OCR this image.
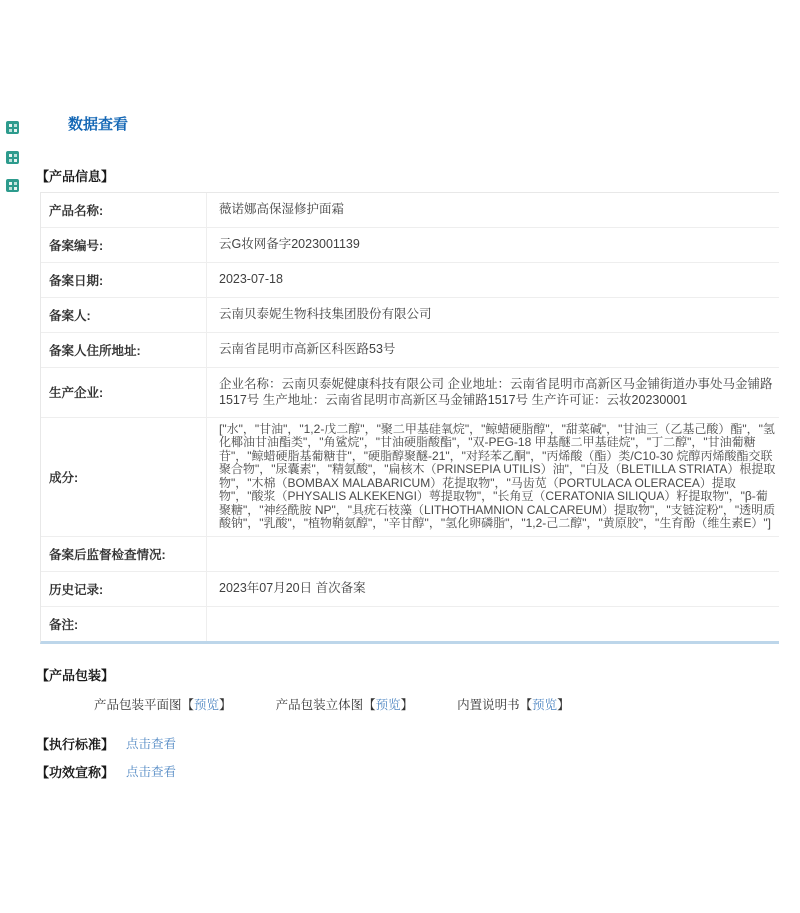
数据查看
【产品信息】
产品名称:	薇诺娜高保湿修护面霜
备案编号:	云G妆网备字2023001139
备案日期:	2023-07-18
备案人:	云南贝泰妮生物科技集团股份有限公司
备案人住所地址:	云南省昆明市高新区科医路53号
生产企业:
企业名称：云南贝泰妮健康科技有限公司 企业地址：云南省昆明市高新区马金铺街道办事处马金铺路1517号 生产地址：云南省昆明市高新区马金铺路1517号 生产许可证：云妆20230001
成分:
["水"，"甘油"，"1,2-戊二醇"，"聚二甲基硅氧烷"，"鲸蜡硬脂醇"，"甜菜碱"，"甘油三（乙基己酸）酯"，"氢化椰油甘油酯类"，"角鲨烷"，"甘油硬脂酸酯"，"双-PEG-18 甲基醚二甲基硅烷"，"丁二醇"，"甘油葡糖苷"，"鲸蜡硬脂基葡糖苷"，"硬脂醇聚醚-21"，"对羟苯乙酮"，"丙烯酸（酯）类/C10-30 烷醇丙烯酸酯交联聚合物"，"尿囊素"，"精氨酸"，"扁核木（PRINSEPIA UTILIS）油"，"白及（BLETILLA STRIATA）根提取物"，"木棉（BOMBAX MALABARICUM）花提取物"，"马齿苋（PORTULACA OLERACEA）提取物"，"酸浆（PHYSALIS ALKEKENGI）萼提取物"，"长角豆（CERATONIA SILIQUA）籽提取物"，"β-葡聚糖"，"神经酰胺 NP"，"具疣石枝藻（LITHOTHAMNION CALCAREUM）提取物"，"支链淀粉"，"透明质酸钠"，"乳酸"，"植物鞘氨醇"，"辛甘醇"，"氢化卵磷脂"，"1,2-己二醇"，"黄原胶"，"生育酚（维生素E）"]
备案后监督检查情况:
历史记录:	2023年07月20日 首次备案
备注:
【产品包装】
产品包装平面图【预览】	产品包装立体图【预览】	内置说明书【预览】
【执行标准】 点击查看
【功效宣称】 点击查看
